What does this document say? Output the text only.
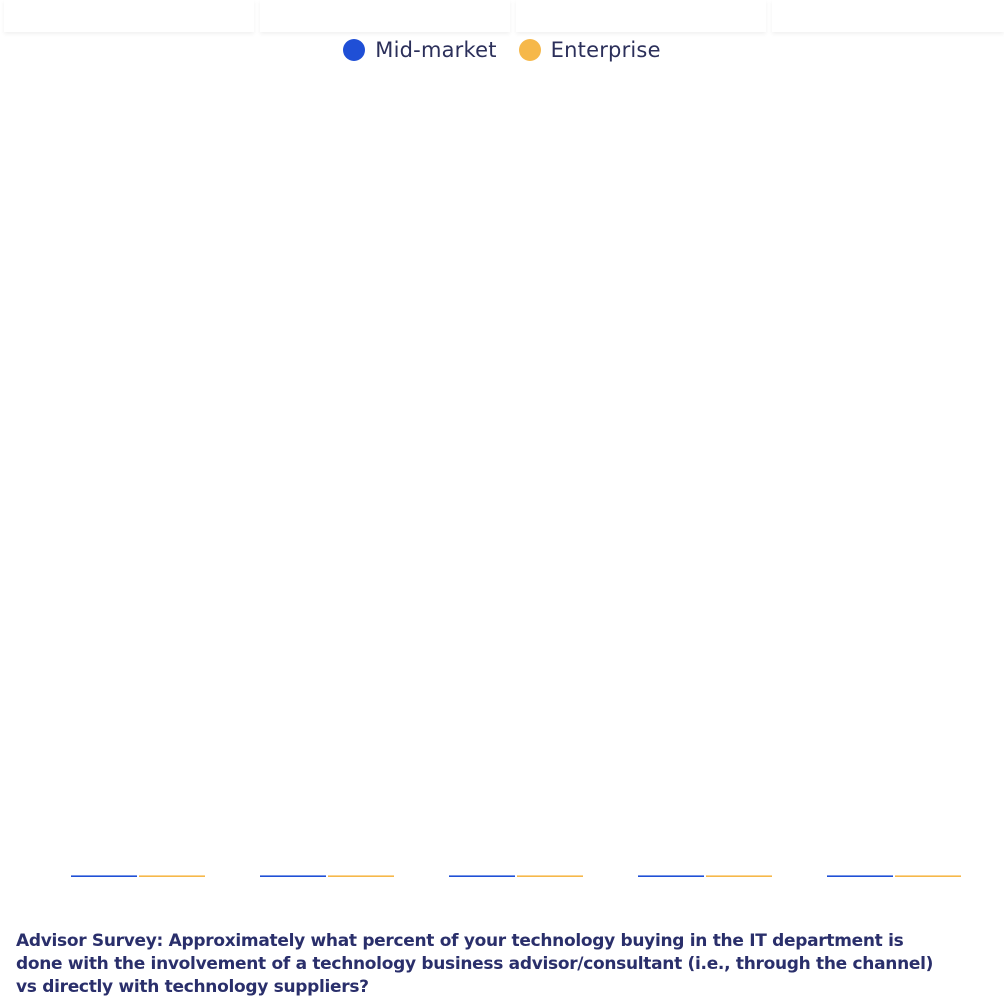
Mid-market	Enterprise
Advisor Survey: Approximately what percent of your technology buying in the IT department is done with the involvement of a technology business advisor/consultant (i.e., through the channel) vs directly with technology suppliers?
